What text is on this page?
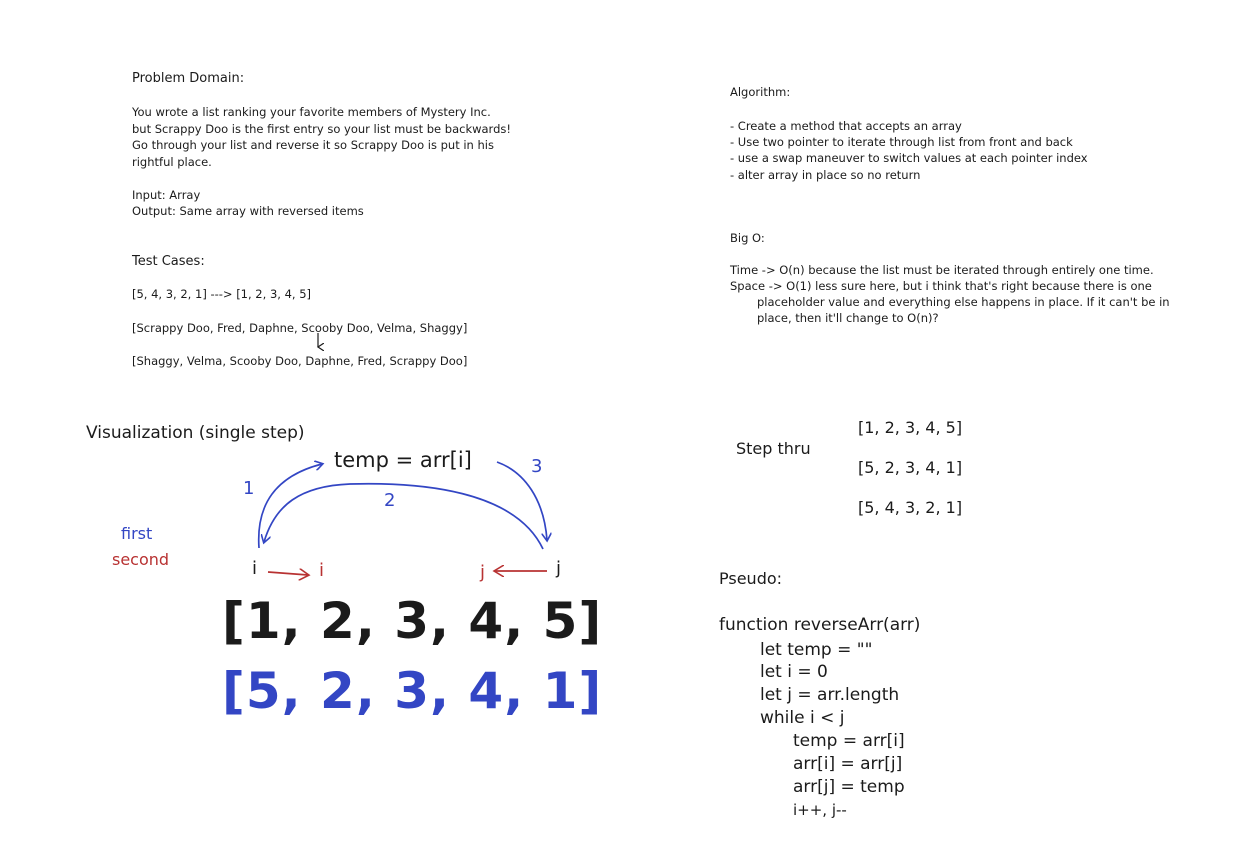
Problem Domain:
You wrote a list ranking your favorite members of Mystery Inc.
but Scrappy Doo is the first entry so your list must be backwards!
Go through your list and reverse it so Scrappy Doo is put in his
rightful place.
Input: Array
Output: Same array with reversed items
Test Cases:
[5, 4, 3, 2, 1] ---> [1, 2, 3, 4, 5]
[Scrappy Doo, Fred, Daphne, Scooby Doo, Velma, Shaggy]
[Shaggy, Velma, Scooby Doo, Daphne, Fred, Scrappy Doo]
Algorithm:
- Create a method that accepts an array
- Use two pointer to iterate through list from front and back
- use a swap maneuver to switch values at each pointer index
- alter array in place so no return
Big O:
Time -> O(n) because the list must be iterated through entirely one time.
Space -> O(1) less sure here, but i think that's right because there is one
placeholder value and everything else happens in place. If it can't be in
place, then it'll change to O(n)?
Visualization (single step)
temp = arr[i]
1
2
3
first
second	i	i	j	j
[1, 2, 3, 4, 5]
[5, 2, 3, 4, 1]
Step thru
[1, 2, 3, 4, 5]
[5, 2, 3, 4, 1]
[5, 4, 3, 2, 1]
Pseudo:
function reverseArr(arr)
let temp = ""
let i = 0
let j = arr.length
while i < j
temp = arr[i]
arr[i] = arr[j]
arr[j] = temp
i++, j--
